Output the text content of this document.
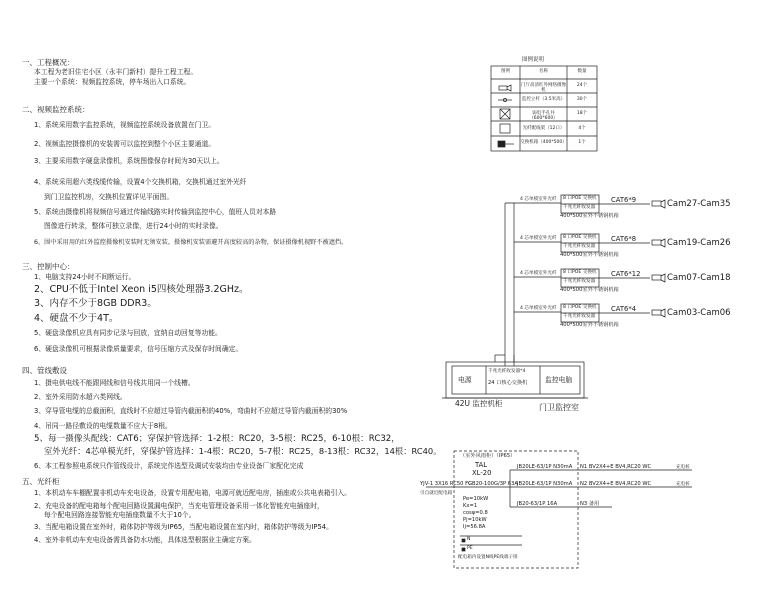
一、工程概况：
本工程为老旧住宅小区（永丰门新村）提升工程工程。
主要一个系统：视频监控系统，停车场出入口系统。
二、视频监控系统：
1、系统采用数字监控系统，视频监控系统设备放置在门卫。
2、视频监控摄像机的安装需可以监控到整个小区主要通道。
3、主要采用数字硬盘录像机，系统图像保存时间为30天以上。
4、系统采用超六类线缆传输，设置4个交换机箱，交换机通过室外光纤
到门卫监控机房，交换机位置详见平面图。
5、系统由摄像机将视频信号通过传输线路实时传输到监控中心，值班人员对本路
图像进行转录，整体可独立录像，进行24小时的实时录像。
6、围中采用用的红外监控摄像机安装时无须安装，摄像机安装需避开高度较高的杂物，保证摄像机视野不被遮挡。
三、控制中心：
1、电脑支持24小时不间断运行。
2、CPU不低于Intel Xeon i5四核处理器3.2GHz。
3、内存不少于8GB DDR3。
4、硬盘不少于4T。
5、硬盘录像机应具有同步记录与回放，宜纳自动回复等功能。
6、硬盘录像机可根据录像质量要求，信号压缩方式及保存时间确定。
四、管线敷设
1、摄电供电线不能跟网线和信号线共用同一个线槽。
2、室外采用防水超六类网线。
3、穿导管电缆的总截面积，直线时不应超过导管内截面积的40%，弯曲时不应超过导管内截面积的30%
4、吊同一路径敷设的电缆数量不应大于8根。
5、每一摄像头配线：CAT6；穿保护管选择：1-2根：RC20，3-5根：RC25，6-10根：RC32，
室外光纤：4芯单模光纤，穿保护管选择：1-4根：RC20，5-7根：RC25，8-13根：RC32，14根：RC40。
6、本工程参照电系统只作管线设计，系统完作选型及调试安装均由专业设备厂家配化完成
五、光纤柜
1、本机动车车棚配置非机动车充电设备，设置专用配电箱，电源可就近配电房，插座或公共电表箱引入。
2、充电设备的配电箱每个配电回路设置漏电保护，当充电管理设备采用一体化智能充电插座时，
每个配电回路连接智能充电插座数量不大于10个。
3、当配电箱设置在室外时，箱体防护等级为IP65，当配电箱设置在室内时，箱体防护等级为IP54。
4、室外非机动车充电设备需具备防水功能，具体选型根据业主确定方案。
图例说明
图例	名称	数量
门厅高清红外网络摄像机
24个
监控立杆（3.5米高）	30个
弱电手孔井（600*600）
18个
光纤配线架（12口）	4个
交换机箱（400*500）	1个
4 芯单模室外光纤 8 口POE 交换机
千兆光纤收发器
400*500室外不锈钢机箱
CAT6*9	Cam27-Cam35
4 芯单模室外光纤 8 口POE 交换机
千兆光纤收发器
400*500室外不锈钢机箱
CAT6*8	Cam19-Cam26
4 芯单模室外光纤 8 口POE 交换机
千兆光纤收发器
400*500室外不锈钢机箱
CAT6*12	Cam07-Cam18
4 芯单模室外光纤 8 口POE 交换机
千兆光纤收发器
400*500室外不锈钢机箱
CAT6*4	Cam03-Cam06
电源
千兆光纤收发器*4
24 口核心交换机	监控电脑
42U 监控机柜	门卫监控室
（室外风雨柜）（IP65）
TAL
XL-20
YJV-1 3X16 RC50 FC
引自就近配电箱
GB20-100G/3P 63A
Pe=10kW
Kx=1
cosφ=0.8
Pj=10kW
Ij=56.8A
JB20LE-63/1P N30mA
JB20LE-63/1P N30mA
JB20-63/1P 16A
N1 BV2X4+E BV4,RC20 WC
N2 BV2X4+E BV4,RC20 WC
N3 备用
充电桩
充电桩
N
PE
配电箱内设置N线PE线端子排
